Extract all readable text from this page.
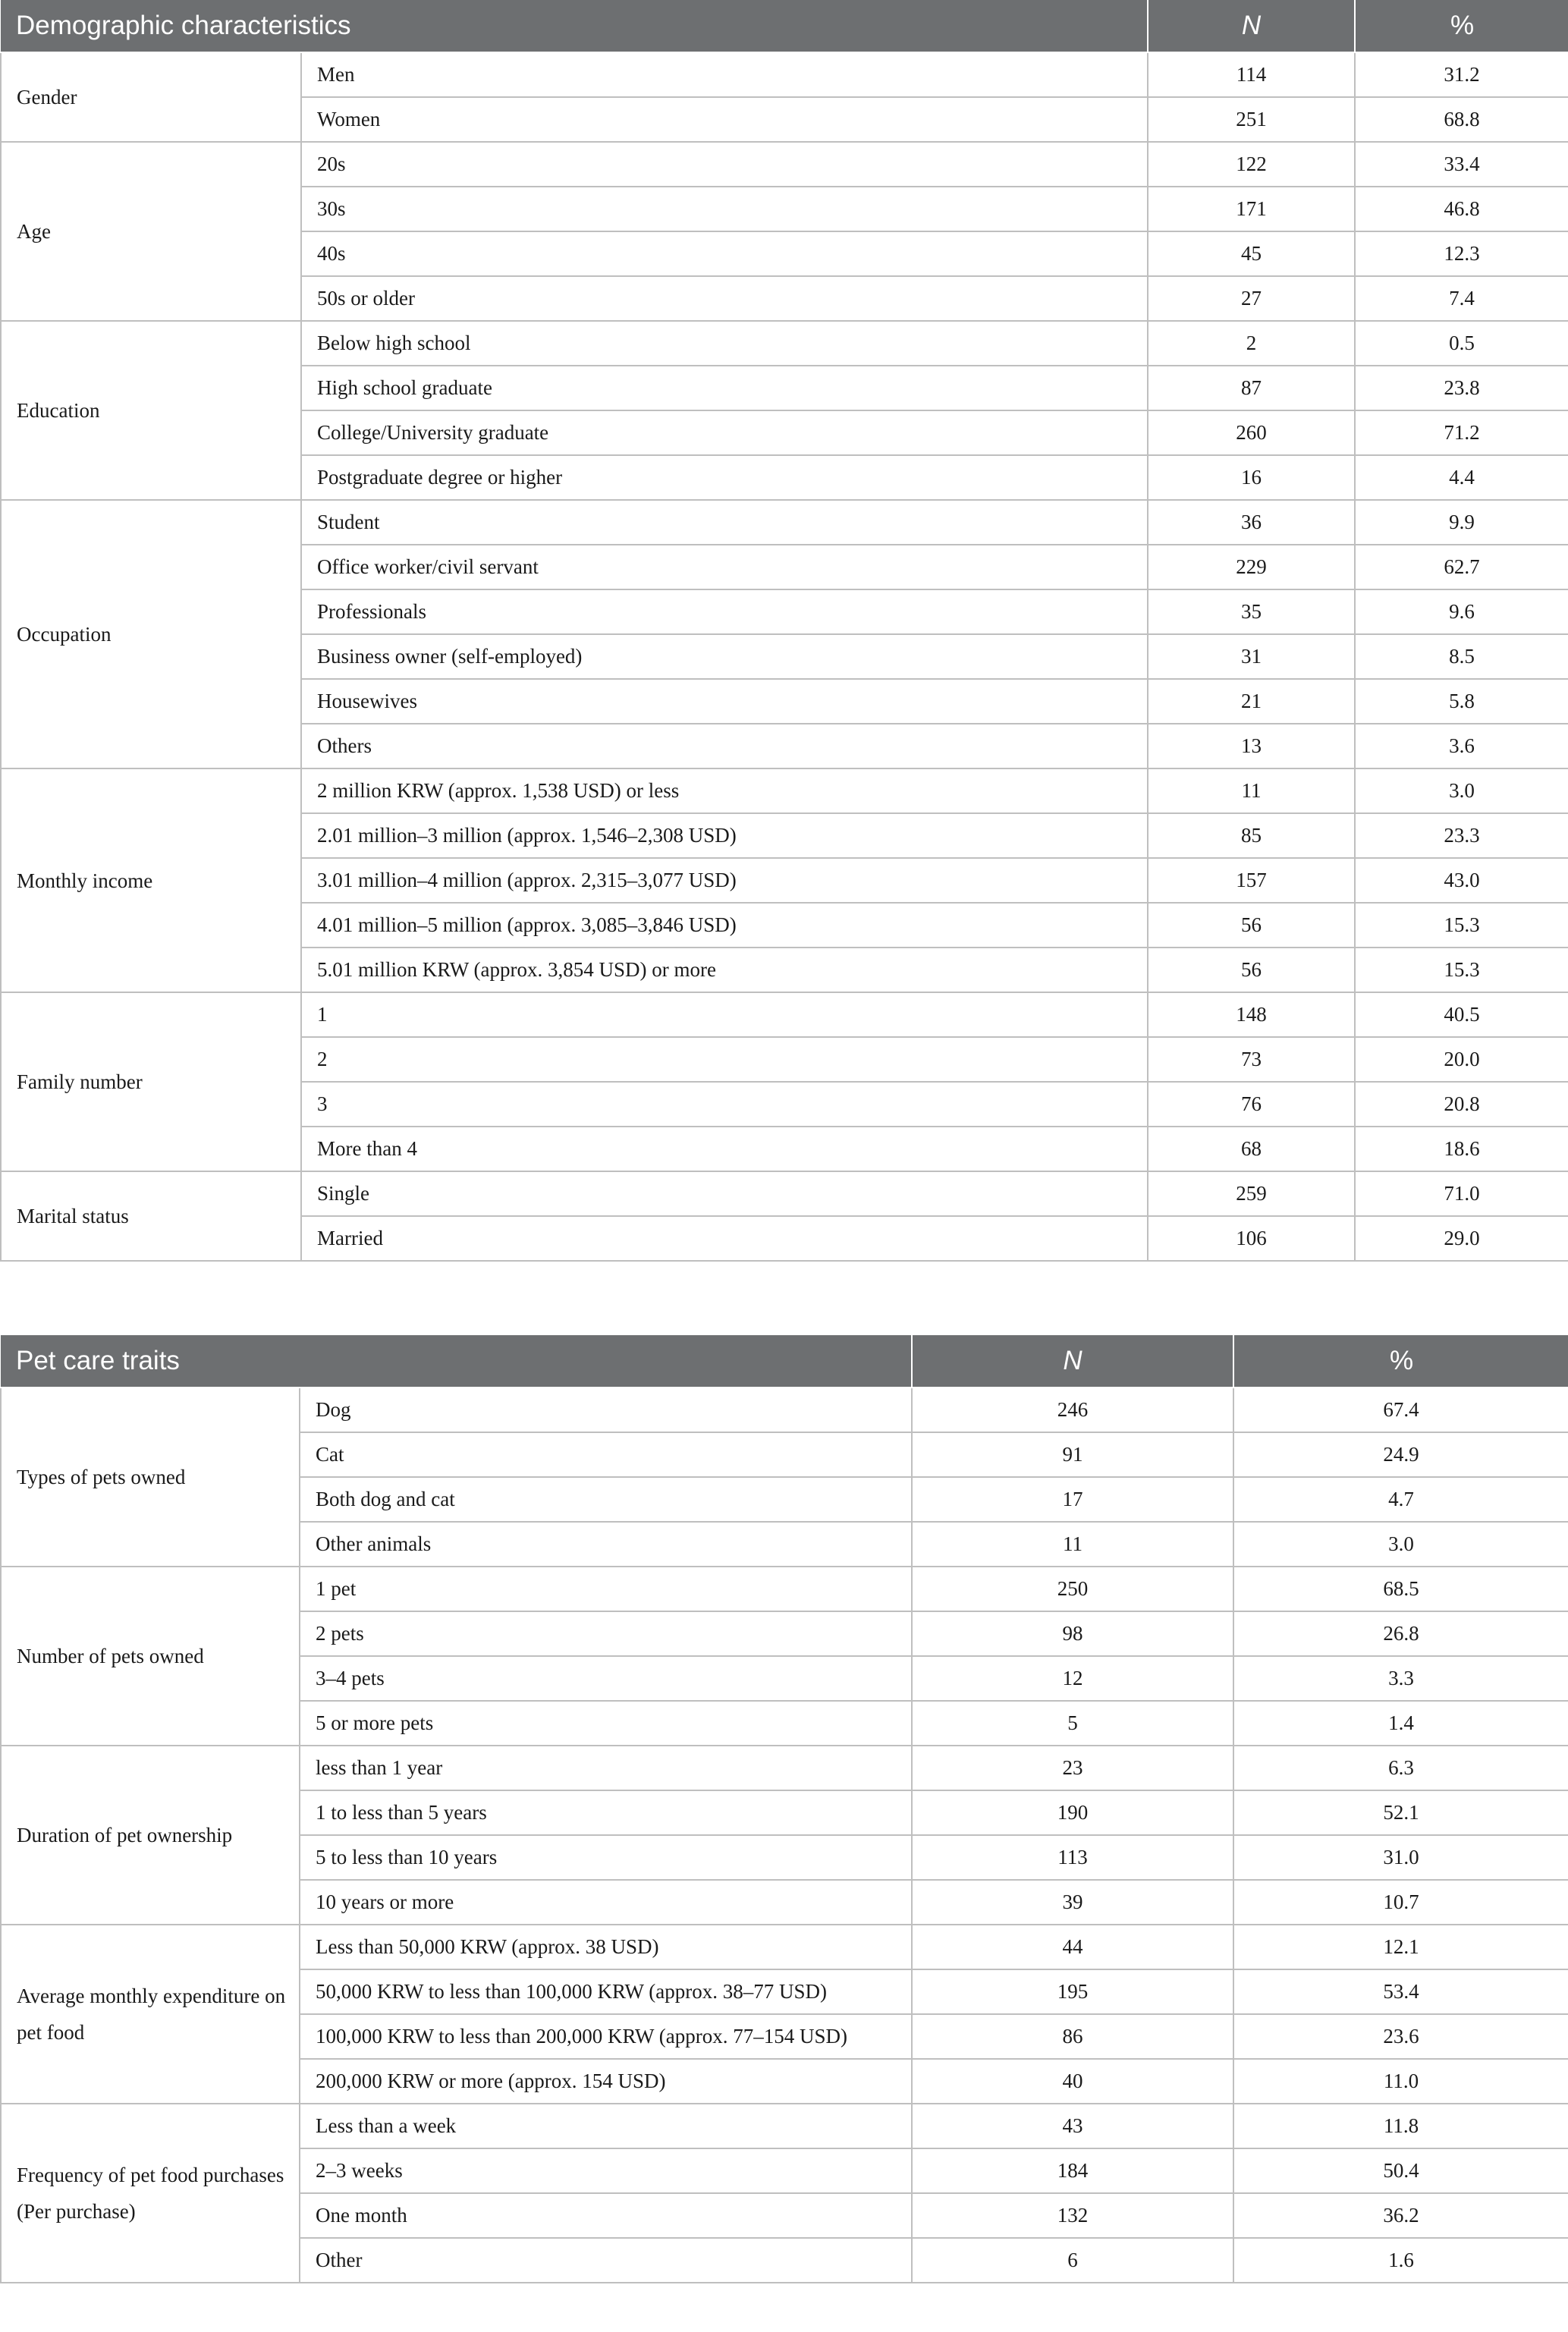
Demographic characteristics		N	%
Gender	Men	114	31.2
	Women	251	68.8
Age	20s	122	33.4
	30s	171	46.8
	40s	45	12.3
	50s or older	27	7.4
Education	Below high school	2	0.5
	High school graduate	87	23.8
	College/University graduate	260	71.2
	Postgraduate degree or higher	16	4.4
Occupation	Student	36	9.9
	Office worker/civil servant	229	62.7
	Professionals	35	9.6
	Business owner (self-employed)	31	8.5
	Housewives	21	5.8
	Others	13	3.6
Monthly income	2 million KRW (approx. 1,538 USD) or less	11	3.0
	2.01 million–3 million (approx. 1,546–2,308 USD)	85	23.3
	3.01 million–4 million (approx. 2,315–3,077 USD)	157	43.0
	4.01 million–5 million (approx. 3,085–3,846 USD)	56	15.3
	5.01 million KRW (approx. 3,854 USD) or more	56	15.3
Family number	1	148	40.5
	2	73	20.0
	3	76	20.8
	More than 4	68	18.6
Marital status	Single	259	71.0
	Married	106	29.0
Pet care traits		N	%
Types of pets owned	Dog	246	67.4
	Cat	91	24.9
	Both dog and cat	17	4.7
	Other animals	11	3.0
Number of pets owned	1 pet	250	68.5
	2 pets	98	26.8
	3–4 pets	12	3.3
	5 or more pets	5	1.4
Duration of pet ownership	less than 1 year	23	6.3
	1 to less than 5 years	190	52.1
	5 to less than 10 years	113	31.0
	10 years or more	39	10.7
Average monthly expenditure on pet food	Less than 50,000 KRW (approx. 38 USD)	44	12.1
	50,000 KRW to less than 100,000 KRW (approx. 38–77 USD)	195	53.4
	100,000 KRW to less than 200,000 KRW (approx. 77–154 USD)	86	23.6
	200,000 KRW or more (approx. 154 USD)	40	11.0
Frequency of pet food purchases (Per purchase)	Less than a week	43	11.8
	2–3 weeks	184	50.4
	One month	132	36.2
	Other	6	1.6
